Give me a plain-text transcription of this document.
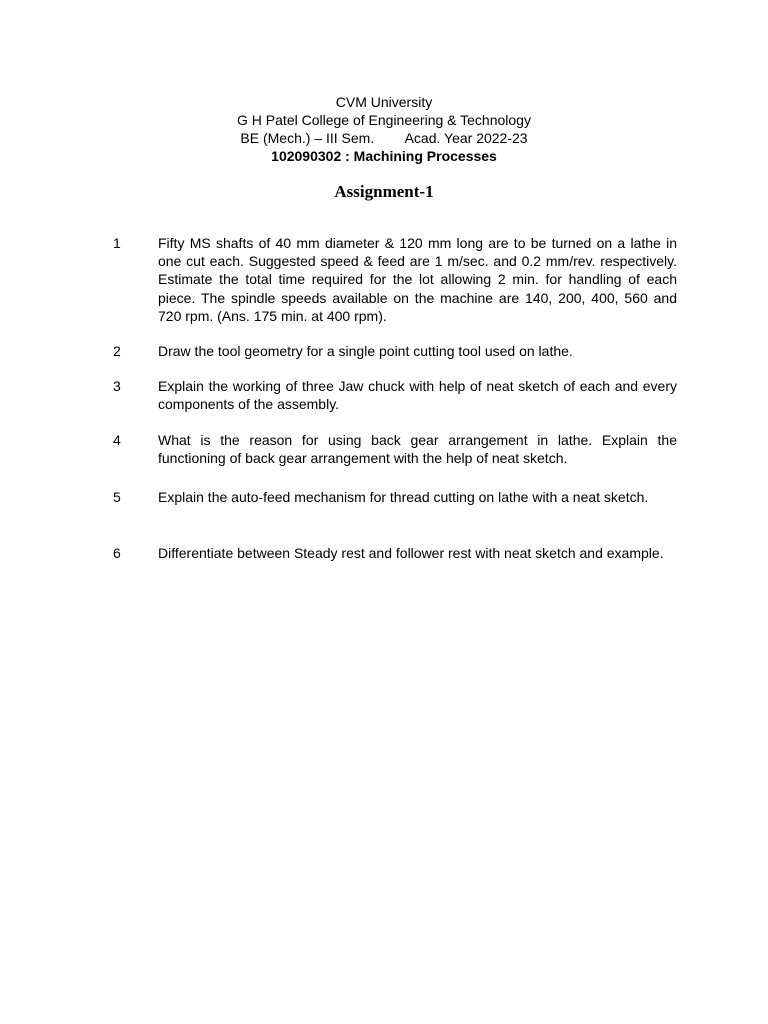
CVM University
G H Patel College of Engineering & Technology
BE (Mech.) – III Sem.        Acad. Year 2022-23
102090302 : Machining Processes
Assignment-1
1	Fifty MS shafts of 40 mm diameter & 120 mm long are to be turned on a lathe in one cut each. Suggested speed & feed are 1 m/sec. and 0.2 mm/rev. respectively. Estimate the total time required for the lot allowing 2 min. for handling of each piece. The spindle speeds available on the machine are 140, 200, 400, 560 and 720 rpm. (Ans. 175 min. at 400 rpm).
2	Draw the tool geometry for a single point cutting tool used on lathe.
3	Explain the working of three Jaw chuck with help of neat sketch of each and every components of the assembly.
4	What is the reason for using back gear arrangement in lathe. Explain the functioning of back gear arrangement with the help of neat sketch.
5	Explain the auto-feed mechanism for thread cutting on lathe with a neat sketch.
6	Differentiate between Steady rest and follower rest with neat sketch and example.
